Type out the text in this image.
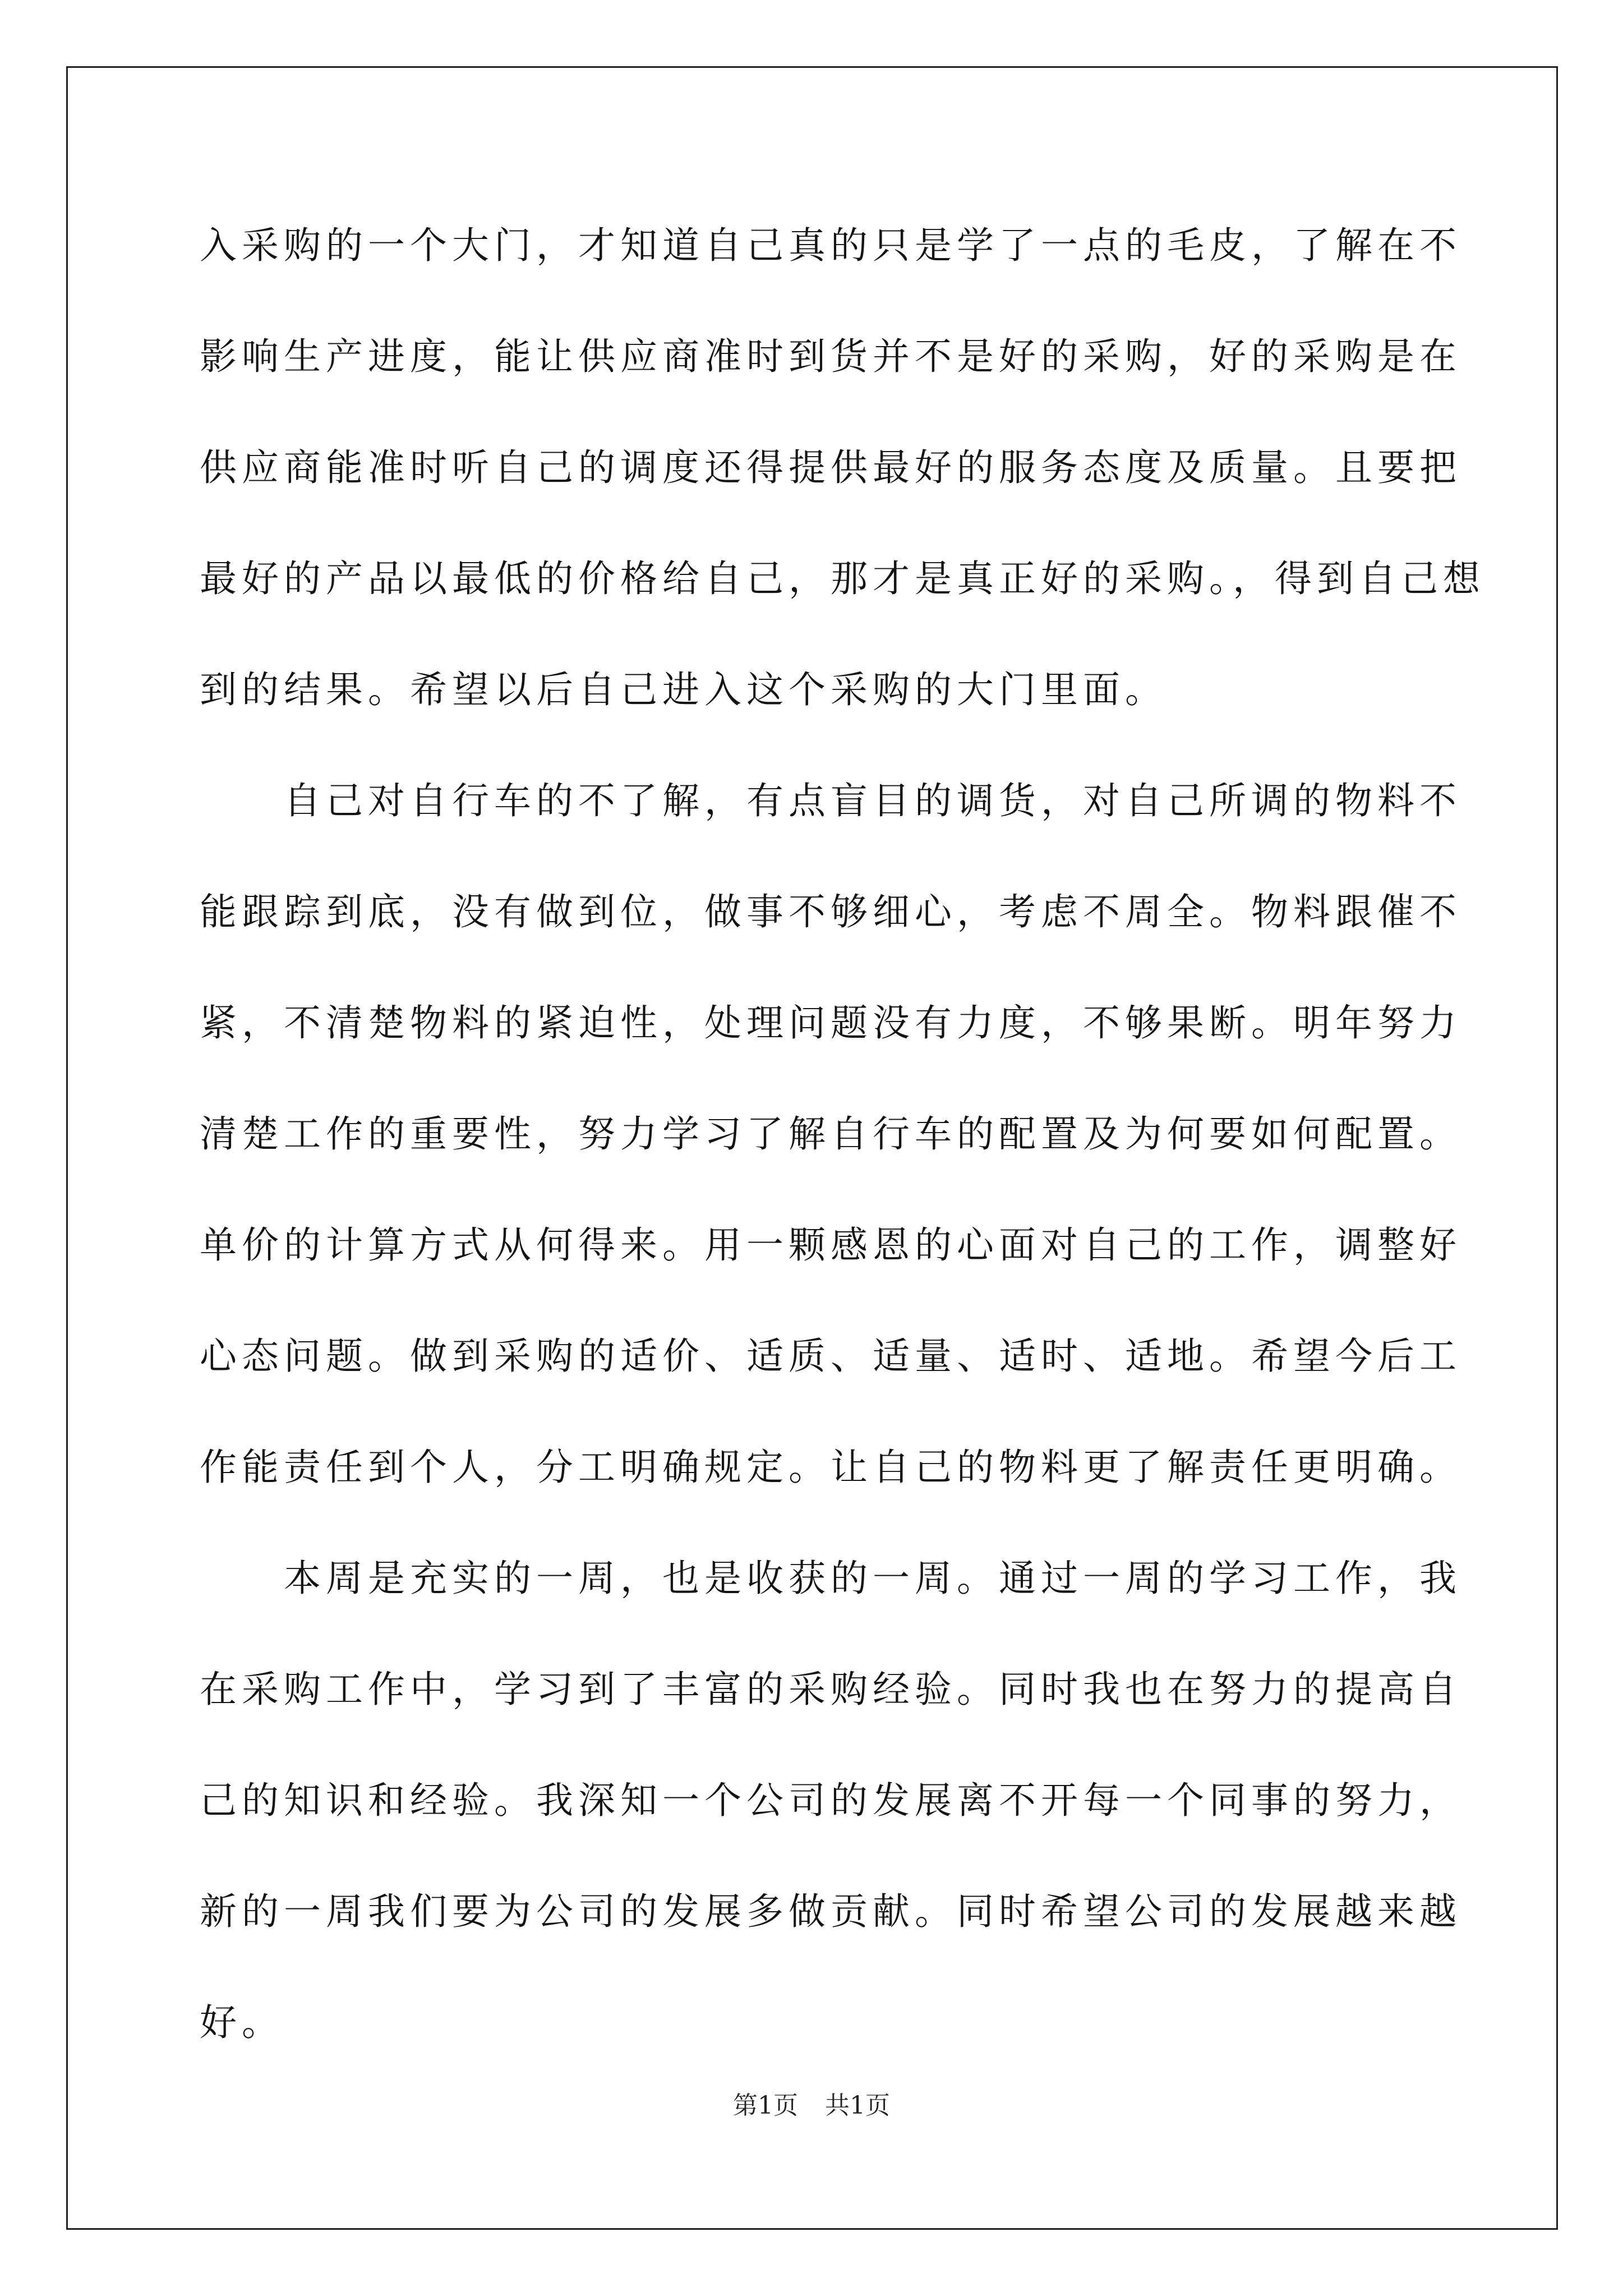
入采购的一个大门，才知道自己真的只是学了一点的毛皮，了解在不
影响生产进度，能让供应商准时到货并不是好的采购，好的采购是在
供应商能准时听自己的调度还得提供最好的服务态度及质量。且要把
最好的产品以最低的价格给自己，那才是真正好的采购。，得到自己想
到的结果。希望以后自己进入这个采购的大门里面。
　　自己对自行车的不了解，有点盲目的调货，对自己所调的物料不
能跟踪到底，没有做到位，做事不够细心，考虑不周全。物料跟催不
紧，不清楚物料的紧迫性，处理问题没有力度，不够果断。明年努力
清楚工作的重要性，努力学习了解自行车的配置及为何要如何配置。
单价的计算方式从何得来。用一颗感恩的心面对自己的工作，调整好
心态问题。做到采购的适价、适质、适量、适时、适地。希望今后工
作能责任到个人，分工明确规定。让自己的物料更了解责任更明确。
　　本周是充实的一周，也是收获的一周。通过一周的学习工作，我
在采购工作中，学习到了丰富的采购经验。同时我也在努力的提高自
己的知识和经验。我深知一个公司的发展离不开每一个同事的努力，
新的一周我们要为公司的发展多做贡献。同时希望公司的发展越来越
好。
第1页 共1页
